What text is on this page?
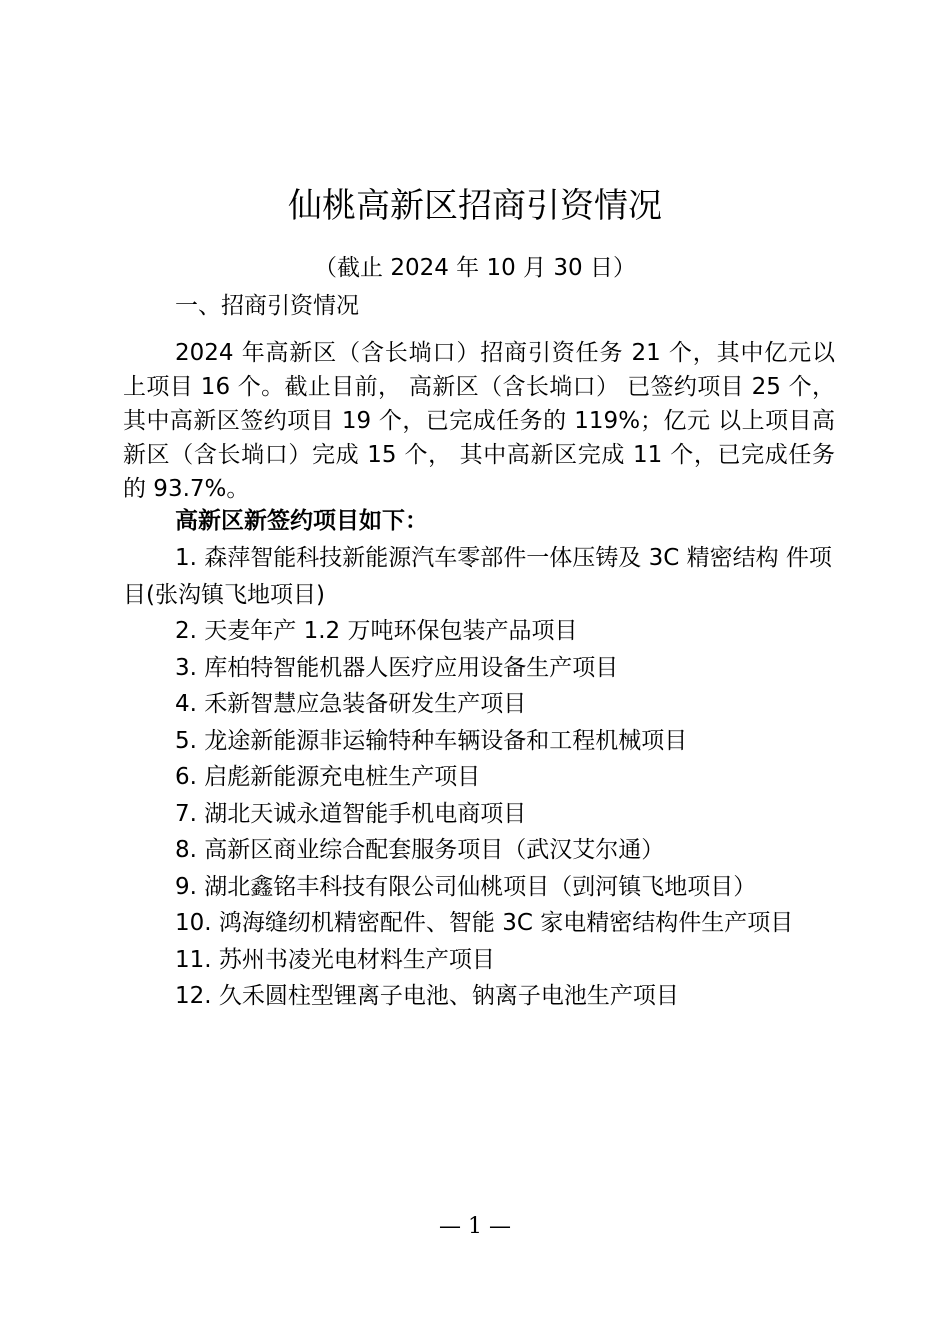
仙桃高新区招商引资情况

（截止 2024 年 10 月 30 日）

一、招商引资情况

2024 年高新区（含长埫口）招商引资任务 21 个，其中亿元以上项目 16 个。截止目前， 高新区（含长埫口） 已签约项目 25 个，其中高新区签约项目 19 个，已完成任务的 119%；亿元 以上项目高新区（含长埫口）完成 15 个， 其中高新区完成 11 个，已完成任务的 93.7%。

高新区新签约项目如下：

1. 森萍智能科技新能源汽车零部件一体压铸及 3C 精密结构 件项目(张沟镇飞地项目)
2. 天麦年产 1.2 万吨环保包装产品项目
3. 库柏特智能机器人医疗应用设备生产项目
4. 禾新智慧应急装备研发生产项目
5. 龙途新能源非运输特种车辆设备和工程机械项目
6. 启彪新能源充电桩生产项目
7. 湖北天诚永道智能手机电商项目
8. 高新区商业综合配套服务项目（武汉艾尔通）
9. 湖北鑫铭丰科技有限公司仙桃项目（剅河镇飞地项目）
10. 鸿海缝纫机精密配件、智能 3C 家电精密结构件生产项目
11. 苏州书凌光电材料生产项目
12. 久禾圆柱型锂离子电池、钠离子电池生产项目

— 1 —
